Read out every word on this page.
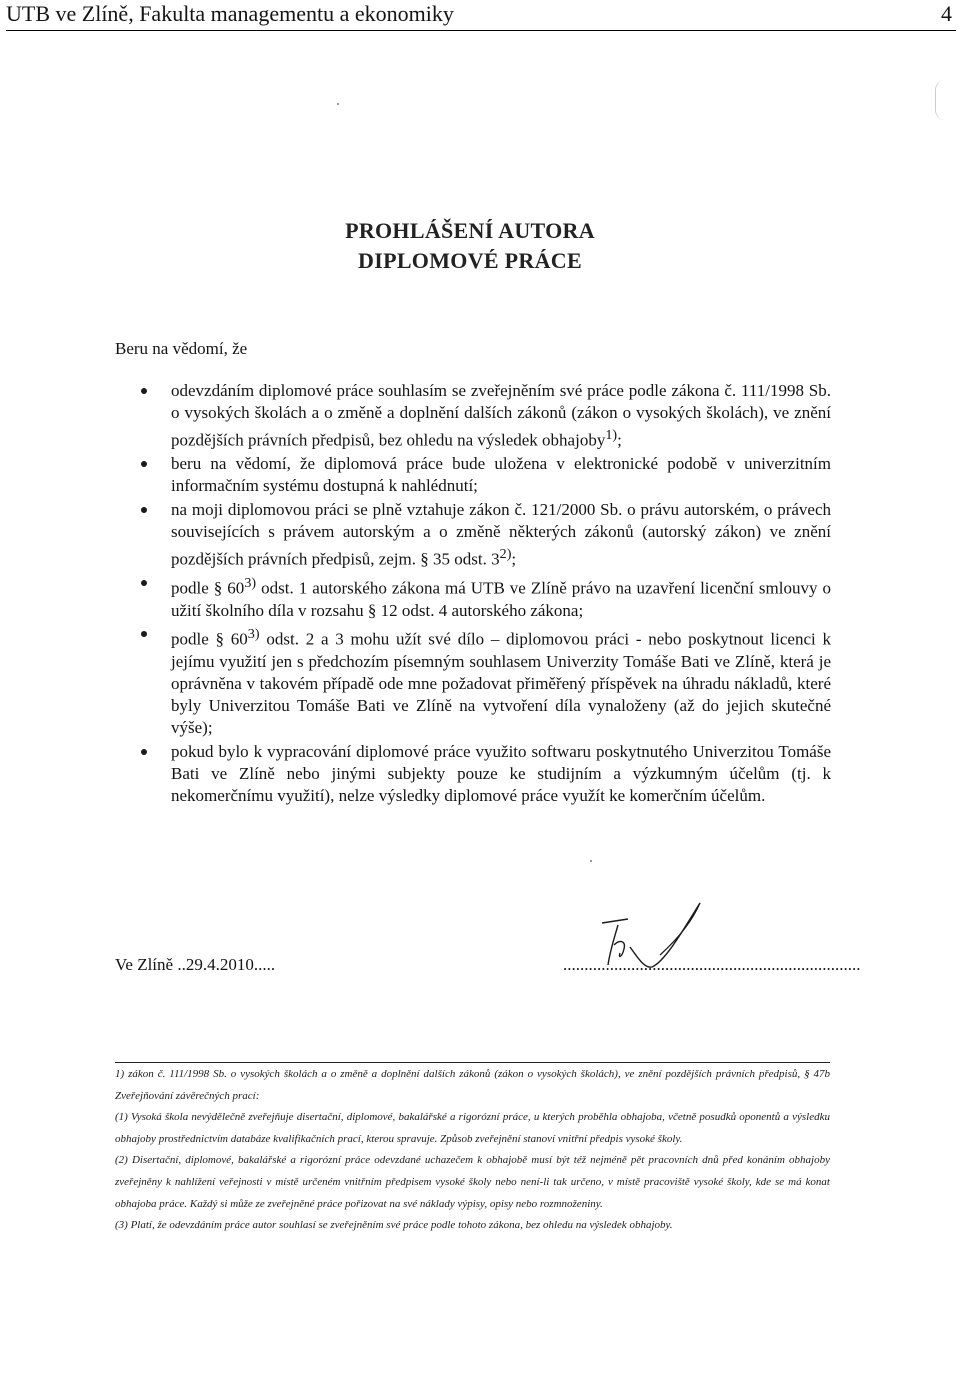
UTB ve Zlíně, Fakulta managementu a ekonomiky	4
PROHLÁŠENÍ AUTORA
DIPLOMOVÉ PRÁCE
Beru na vědomí, že
odevzdáním diplomové práce souhlasím se zveřejněním své práce podle zákona č. 111/1998 Sb. o vysokých školách a o změně a doplnění dalších zákonů (zákon o vysokých školách), ve znění pozdějších právních předpisů, bez ohledu na výsledek obhajoby$^{1)}$;
beru na vědomí, že diplomová práce bude uložena v elektronické podobě v univerzitním informačním systému dostupná k nahlédnutí;
na moji diplomovou práci se plně vztahuje zákon č. 121/2000 Sb. o právu autorském, o právech souvisejících s právem autorským a o změně některých zákonů (autorský zákon) ve znění pozdějších právních předpisů, zejm. § 35 odst. 3$^{2)}$;
podle § 60$^{3)}$ odst. 1 autorského zákona má UTB ve Zlíně právo na uzavření licenční smlouvy o užití školního díla v rozsahu § 12 odst. 4 autorského zákona;
podle § 60$^{3)}$ odst. 2 a 3 mohu užít své dílo – diplomovou práci - nebo poskytnout licenci k jejímu využití jen s předchozím písemným souhlasem Univerzity Tomáše Bati ve Zlíně, která je oprávněna v takovém případě ode mne požadovat přiměřený příspěvek na úhradu nákladů, které byly Univerzitou Tomáše Bati ve Zlíně na vytvoření díla vynaloženy (až do jejich skutečné výše);
pokud bylo k vypracování diplomové práce využito softwaru poskytnutého Univerzitou Tomáše Bati ve Zlíně nebo jinými subjekty pouze ke studijním a výzkumným účelům (tj. k nekomerčnímu využití), nelze výsledky diplomové práce využít ke komerčním účelům.
Ve Zlíně ..29.4.2010.....	......................................................................

1) zákon č. 111/1998 Sb. o vysokých školách a o změně a doplnění dalších zákonů (zákon o vysokých školách), ve znění pozdějších právních předpisů, § 47b Zveřejňování závěrečných prací:

(1) Vysoká škola nevýdělečně zveřejňuje disertační, diplomové, bakalářské a rigorózní práce, u kterých proběhla obhajoba, včetně posudků oponentů a výsledku obhajoby prostřednictvím databáze kvalifikačních prací, kterou spravuje. Způsob zveřejnění stanoví vnitřní předpis vysoké školy.

(2) Disertační, diplomové, bakalářské a rigorózní práce odevzdané uchazečem k obhajobě musí být též nejméně pět pracovních dnů před konáním obhajoby zveřejněny k nahlížení veřejnosti v místě určeném vnitřním předpisem vysoké školy nebo není-li tak určeno, v místě pracoviště vysoké školy, kde se má konat obhajoba práce. Každý si může ze zveřejněné práce pořizovat na své náklady výpisy, opisy nebo rozmnoženiny.

(3) Platí, že odevzdáním práce autor souhlasí se zveřejněním své práce podle tohoto zákona, bez ohledu na výsledek obhajoby.
